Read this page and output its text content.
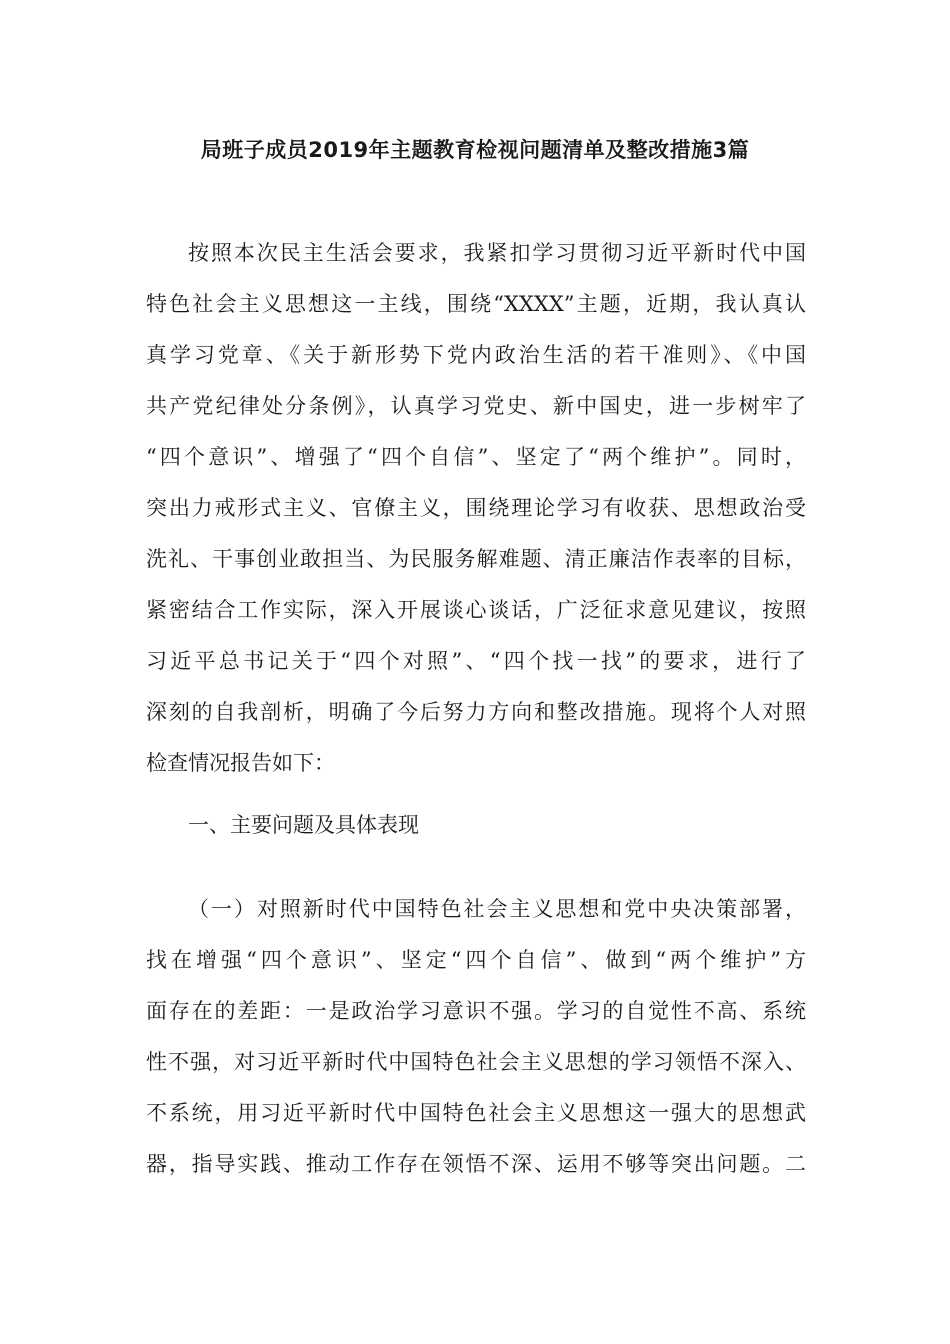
局班子成员2019年主题教育检视问题清单及整改措施3篇
按照本次民主生活会要求，我紧扣学习贯彻习近平新时代中国
特色社会主义思想这一主线，围绕“XXXX”主题，近期，我认真认
真学习党章、《关于新形势下党内政治生活的若干准则》、《中国
共产党纪律处分条例》，认真学习党史、新中国史，进一步树牢了
“四个意识”、增强了“四个自信”、坚定了“两个维护”。同时，
突出力戒形式主义、官僚主义，围绕理论学习有收获、思想政治受
洗礼、干事创业敢担当、为民服务解难题、清正廉洁作表率的目标，
紧密结合工作实际，深入开展谈心谈话，广泛征求意见建议，按照
习近平总书记关于“四个对照”、“四个找一找”的要求，进行了
深刻的自我剖析，明确了今后努力方向和整改措施。现将个人对照
检查情况报告如下：
一、主要问题及具体表现
（一）对照新时代中国特色社会主义思想和党中央决策部署，
找在增强“四个意识”、坚定“四个自信”、做到“两个维护”方
面存在的差距：一是政治学习意识不强。学习的自觉性不高、系统
性不强，对习近平新时代中国特色社会主义思想的学习领悟不深入、
不系统，用习近平新时代中国特色社会主义思想这一强大的思想武
器，指导实践、推动工作存在领悟不深、运用不够等突出问题。二
